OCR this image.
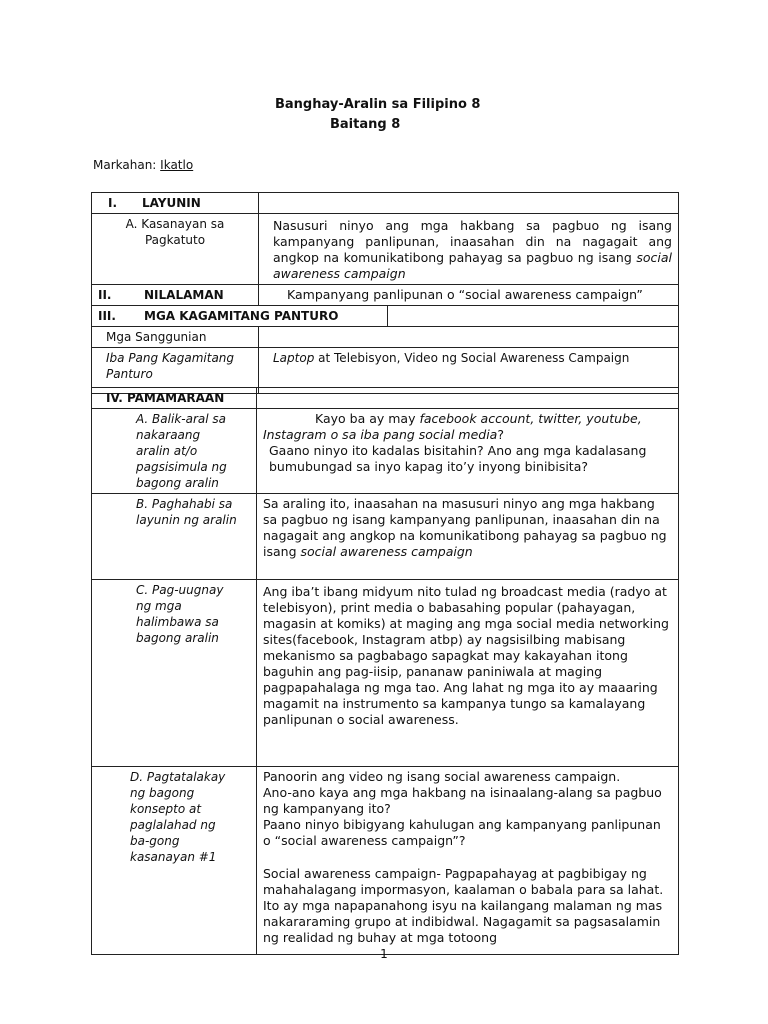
Banghay-Aralin sa Filipino 8
Baitang 8
Markahan: Ikatlo
I. LAYUNIN		
A. Kasanayan sa Pagkatuto	Nasusuri ninyo ang mga hakbang sa pagbuo ng isang kampanyang panlipunan, inaasahan din na nagagait ang angkop na komunikatibong pahayag sa pagbuo ng isang social awareness campaign	
II. NILALAMAN	Kampanyang panlipunan o “social awareness campaign”	
III. MGA KAGAMITANG PANTURO		
Mga Sanggunian		
Iba Pang Kagamitang Panturo	Laptop at Telebisyon, Video ng Social Awareness Campaign	
IV. PAMAMARAAN	
A. Balik-aral sa nakaraang aralin at/o pagsisimula ng bagong aralin	Kayo ba ay may facebook account, twitter, youtube, Instagram o sa iba pang social media?
Gaano ninyo ito kadalas bisitahin? Ano ang mga kadalasang bumubungad sa inyo kapag ito’y inyong binibisita?

B. Paghahabi sa layunin ng aralin	Sa araling ito, inaasahan na masusuri ninyo ang mga hakbang sa pagbuo ng isang kampanyang panlipunan, inaasahan din na nagagait ang angkop na komunikatibong pahayag sa pagbuo ng isang social awareness campaign
C. Pag-uugnay ng mga halimbawa sa bagong aralin	Ang iba’t ibang midyum nito tulad ng broadcast media (radyo at telebisyon), print media o babasahing popular (pahayagan, magasin at komiks) at maging ang mga social media networking sites(facebook, Instagram atbp) ay nagsisilbing mabisang mekanismo sa pagbabago sapagkat may kakayahan itong baguhin ang pag-iisip, pananaw paniniwala at maging pagpapahalaga ng mga tao. Ang lahat ng mga ito ay maaaring magamit na instrumento sa kampanya tungo sa kamalayang panlipunan o social awareness.
D. Pagtatalakay ng bagong konsepto at paglalahad ng ba-gong kasanayan #1	Panoorin ang video ng isang social awareness campaign.
Ano-ano kaya ang mga hakbang na isinaalang-alang sa pagbuo ng kampanyang ito?
Paano ninyo bibigyang kahulugan ang kampanyang panlipunan o “social awareness campaign”?
Social awareness campaign- Pagpapahayag at pagbibigay ng mahahalagang impormasyon, kaalaman o babala para sa lahat. Ito ay mga napapanahong isyu na kailangang malaman ng mas nakararaming grupo at indibidwal. Nagagamit sa pagsasalamin ng realidad ng buhay at mga totoong
1
